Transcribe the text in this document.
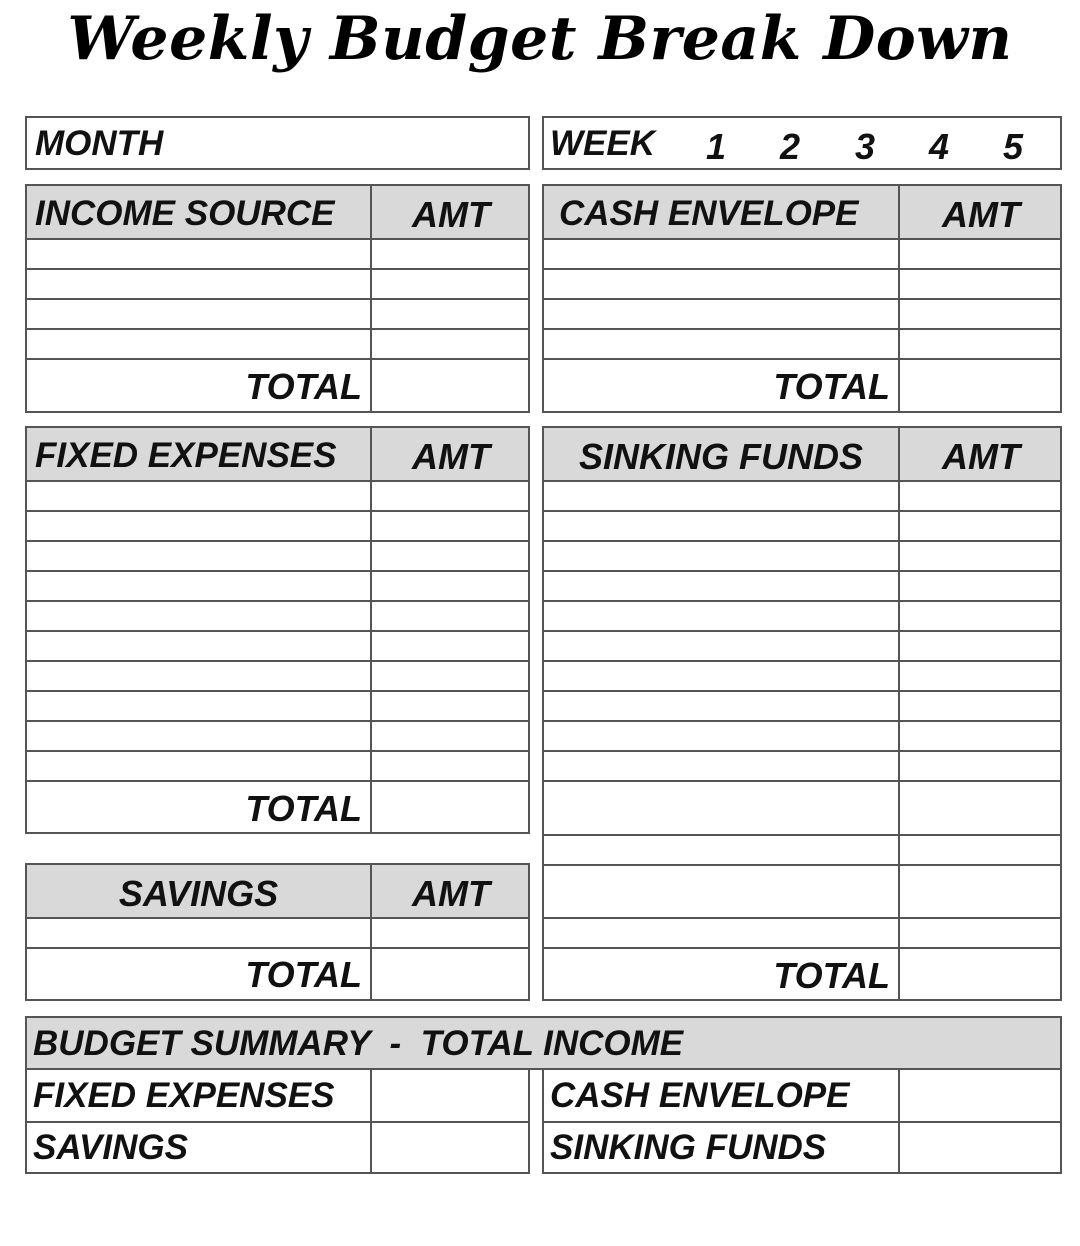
Weekly Budget Break Down
MONTH	WEEK 1 2 3 4 5
INCOME SOURCE	AMT
TOTAL
CASH ENVELOPE	AMT
TOTAL
FIXED EXPENSES	AMT
TOTAL
SAVINGS	AMT
TOTAL
SINKING FUNDS	AMT
TOTAL
BUDGET SUMMARY  -  TOTAL INCOME
FIXED EXPENSES
SAVINGS
CASH ENVELOPE
SINKING FUNDS
